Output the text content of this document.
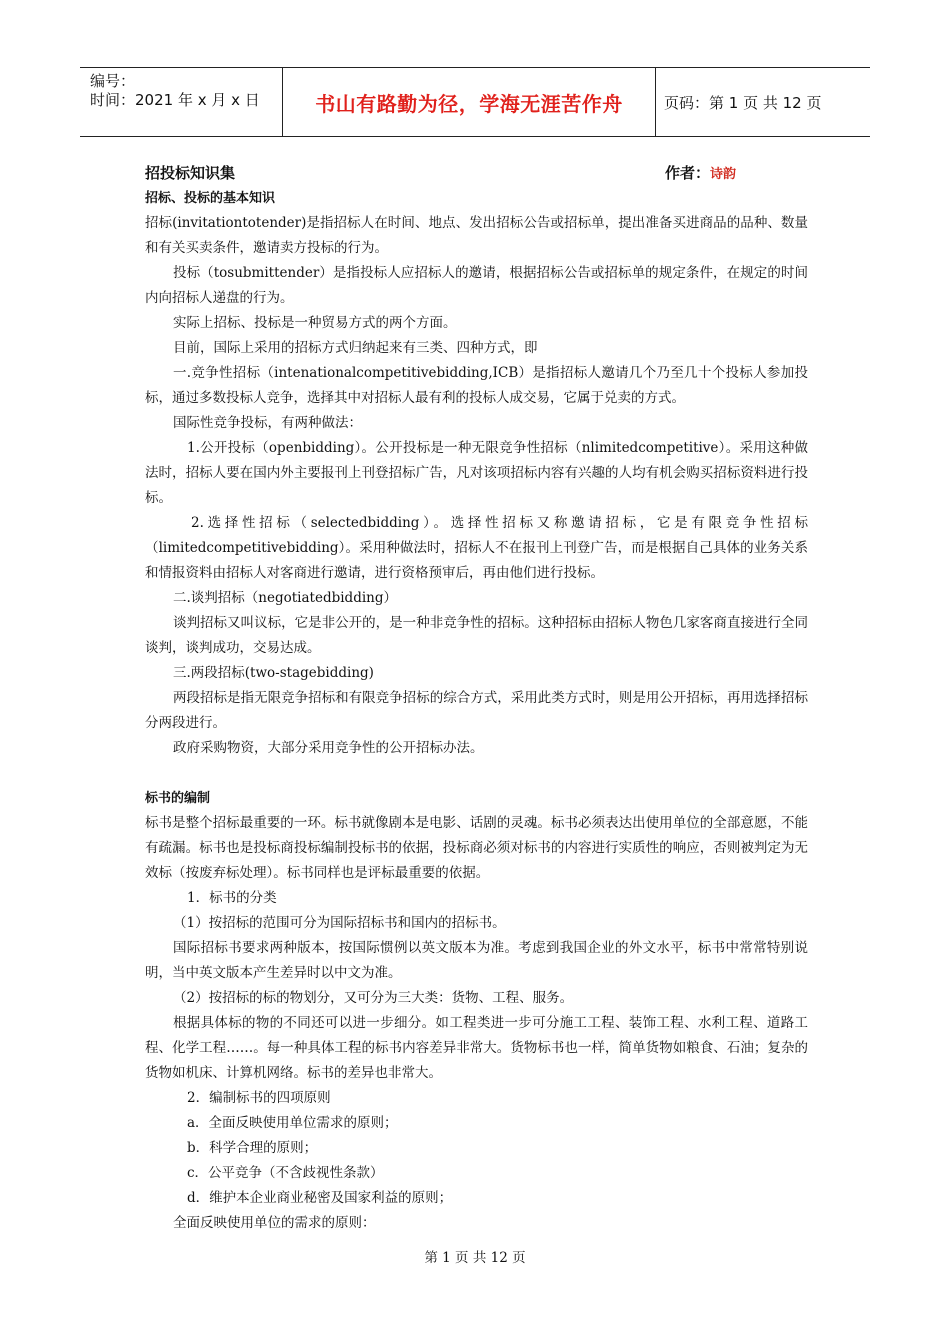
编号：
时间：2021 年 x 月 x 日	书山有路勤为径，学海无涯苦作舟	页码：第 1 页 共 12 页
招投标知识集	作者：诗韵

招标、投标的基本知识

招标(invitationtotender)是指招标人在时间、地点、发出招标公告或招标单，提出准备买进商品的品种、数量和有关买卖条件，邀请卖方投标的行为。

投标（tosubmittender）是指投标人应招标人的邀请，根据招标公告或招标单的规定条件，在规定的时间内向招标人递盘的行为。

实际上招标、投标是一种贸易方式的两个方面。

目前，国际上采用的招标方式归纳起来有三类、四种方式，即

一.竞争性招标（intenationalcompetitivebidding,ICB）是指招标人邀请几个乃至几十个投标人参加投标，通过多数投标人竞争，选择其中对招标人最有利的投标人成交易，它属于兑卖的方式。

国际性竞争投标，有两种做法：

1.公开投标（openbidding）。公开投标是一种无限竞争性招标（nlimitedcompetitive）。采用这种做法时，招标人要在国内外主要报刊上刊登招标广告，凡对该项招标内容有兴趣的人均有机会购买招标资料进行投标。

2.选择性招标（selectedbidding）。选择性招标又称邀请招标，它是有限竞争性招标（limitedcompetitivebidding）。采用种做法时，招标人不在报刊上刊登广告，而是根据自己具体的业务关系和情报资料由招标人对客商进行邀请，进行资格预审后，再由他们进行投标。

二.谈判招标（negotiatedbidding）

谈判招标又叫议标，它是非公开的，是一种非竞争性的招标。这种招标由招标人物色几家客商直接进行全同谈判，谈判成功，交易达成。

三.两段招标(two-stagebidding)

两段招标是指无限竞争招标和有限竞争招标的综合方式，采用此类方式时，则是用公开招标，再用选择招标分两段进行。

政府采购物资，大部分采用竞争性的公开招标办法。

标书的编制

标书是整个招标最重要的一环。标书就像剧本是电影、话剧的灵魂。标书必须表达出使用单位的全部意愿，不能有疏漏。标书也是投标商投标编制投标书的依据，投标商必须对标书的内容进行实质性的响应，否则被判定为无效标（按废弃标处理）。标书同样也是评标最重要的依据。

1．标书的分类

（1）按招标的范围可分为国际招标书和国内的招标书。

国际招标书要求两种版本，按国际惯例以英文版本为准。考虑到我国企业的外文水平，标书中常常特别说明，当中英文版本产生差异时以中文为准。

（2）按招标的标的物划分，又可分为三大类：货物、工程、服务。

根据具体标的物的不同还可以进一步细分。如工程类进一步可分施工工程、装饰工程、水利工程、道路工程、化学工程……。每一种具体工程的标书内容差异非常大。货物标书也一样，简单货物如粮食、石油；复杂的货物如机床、计算机网络。标书的差异也非常大。

2．编制标书的四项原则

a．全面反映使用单位需求的原则；

b．科学合理的原则；

c．公平竞争（不含歧视性条款）

d．维护本企业商业秘密及国家利益的原则；

全面反映使用单位的需求的原则：

第 1 页 共 12 页
